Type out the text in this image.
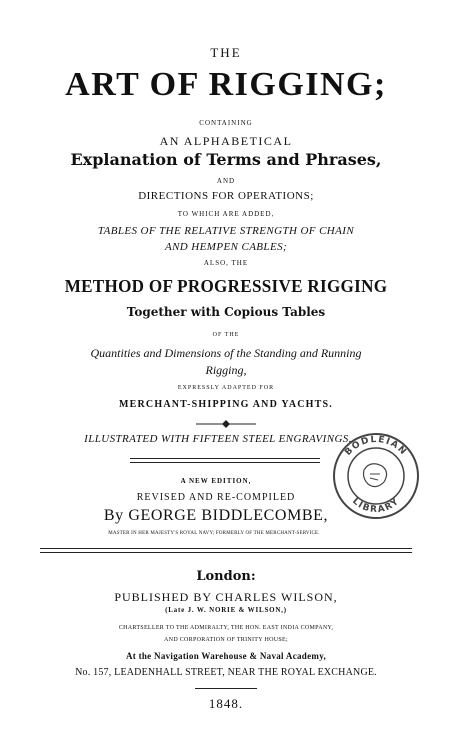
THE
ART OF RIGGING;
CONTAINING
AN ALPHABETICAL
Explanation of Terms and Phrases,
AND
DIRECTIONS FOR OPERATIONS;
TO WHICH ARE ADDED,
TABLES OF THE RELATIVE STRENGTH OF CHAIN
AND HEMPEN CABLES;
ALSO, THE
METHOD OF PROGRESSIVE RIGGING
Together with Copious Tables
OF THE
Quantities and Dimensions of the Standing and Running
Rigging,
EXPRESSLY ADAPTED FOR
MERCHANT-SHIPPING AND YACHTS.
ILLUSTRATED WITH FIFTEEN STEEL ENGRAVINGS.
A NEW EDITION,
REVISED AND RE-COMPILED
By GEORGE BIDDLECOMBE,
MASTER IN HER MAJESTY'S ROYAL NAVY; FORMERLY OF THE MERCHANT-SERVICE.
London:
PUBLISHED BY CHARLES WILSON,
(Late J. W. NORIE & WILSON,)
CHARTSELLER TO THE ADMIRALTY, THE HON. EAST INDIA COMPANY,
AND CORPORATION OF TRINITY HOUSE;
At the Navigation Warehouse & Naval Academy,
No. 157, LEADENHALL STREET, NEAR THE ROYAL EXCHANGE.
1848.
BODLEIAN
LIBRARY
